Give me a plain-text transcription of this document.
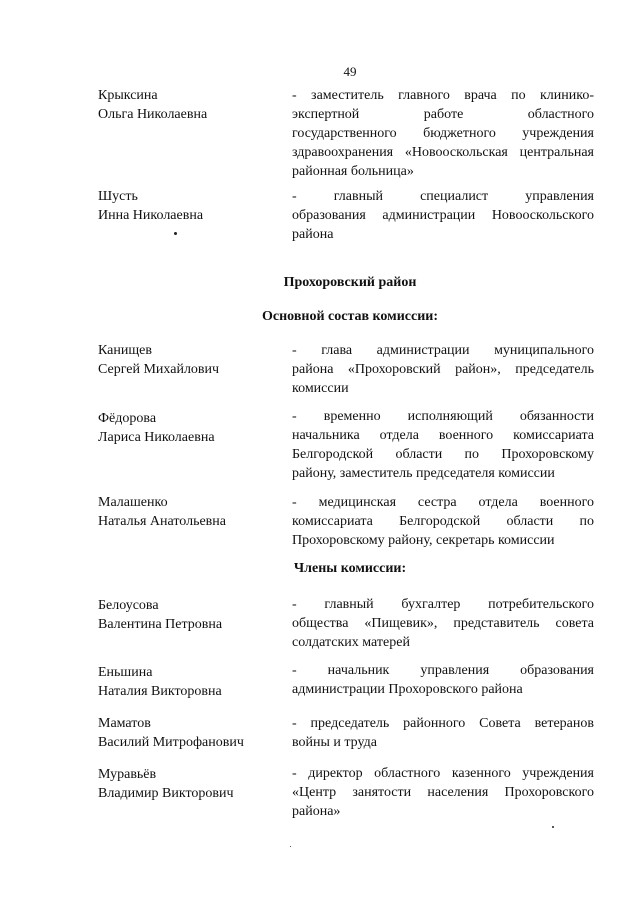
49
Крыксина
Ольга Николаевна

- заместитель главного врача по клинико-

экспертной работе областного

государственного бюджетного учреждения

здравоохранения «Новооскольская центральная

районная больница»

Шусть
Инна Николаевна

- главный специалист управления

образования администрации Новооскольского

района

Прохоровский район
Основной состав комиссии:
Канищев
Сергей Михайлович

- глава администрации муниципального

района «Прохоровский район», председатель

комиссии

Фёдорова
Лариса Николаевна

- временно исполняющий обязанности

начальника отдела военного комиссариата

Белгородской области по Прохоровскому

району, заместитель председателя комиссии

Малашенко
Наталья Анатольевна

- медицинская сестра отдела военного

комиссариата Белгородской области по

Прохоровскому району, секретарь комиссии

Члены комиссии:
Белоусова
Валентина Петровна

- главный бухгалтер потребительского

общества «Пищевик», представитель совета

солдатских матерей

Еньшина
Наталия Викторовна

- начальник управления образования

администрации Прохоровского района

Маматов
Василий Митрофанович

- председатель районного Совета ветеранов

войны и труда

Муравьёв
Владимир Викторович

- директор областного казенного учреждения

«Центр занятости населения Прохоровского

района»
